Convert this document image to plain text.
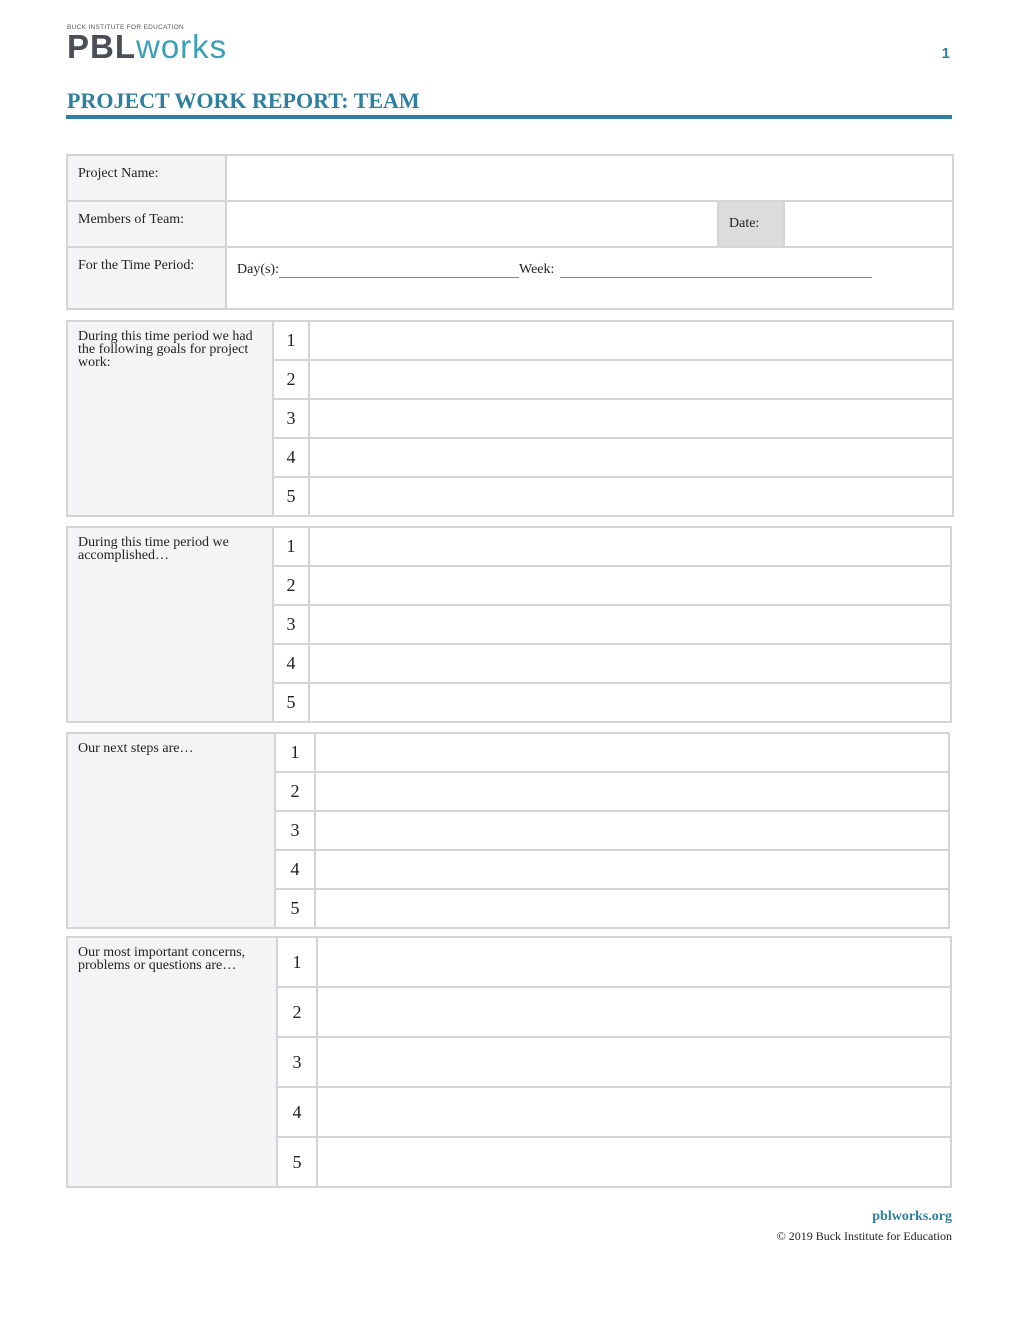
BUCK INSTITUTE FOR EDUCATION
PBLworks	1
PROJECT WORK REPORT: TEAM
Project Name:			
Members of Team:		Date:	
For the Time Period:	Day(s): Week:		
During this time period we had the following goals for project work:	1	
	2	
	3	
	4	
	5	
During this time period we accomplished…	1	
	2	
	3	
	4	
	5	
Our next steps are…	1	
	2	
	3	
	4	
	5	
Our most important concerns, problems or questions are…	1	
	2	
	3	
	4	
	5	
pblworks.org
© 2019 Buck Institute for Education
